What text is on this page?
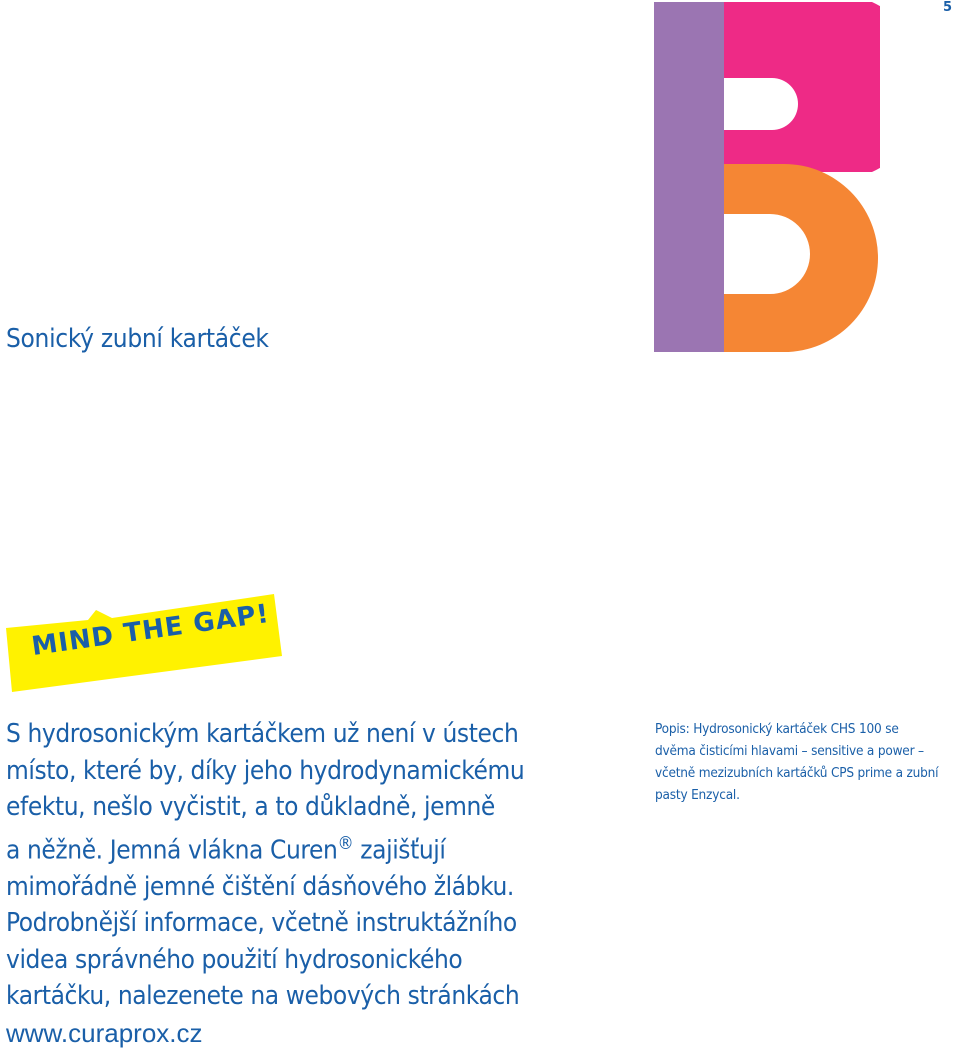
5
Sonický zubní kartáček
MIND THE GAP!

S hydrosonickým kartáčkem už není v ústech
místo, které by, díky jeho hydrodynamickému
efektu, nešlo vyčistit, a to důkladně, jemně
a něžně. Jemná vlákna Curen® zajišťují
mimořádně jemné čištění dásňového žlábku.
Podrobnější informace, včetně instruktážního
videa správného použití hydrosonického
kartáčku, nalezenete na webových stránkách
www.curaprox.cz

Popis: Hydrosonický kartáček CHS 100 se
dvěma čisticími hlavami – sensitive a power –
včetně mezizubních kartáčků CPS prime a zubní
pasty Enzycal.
